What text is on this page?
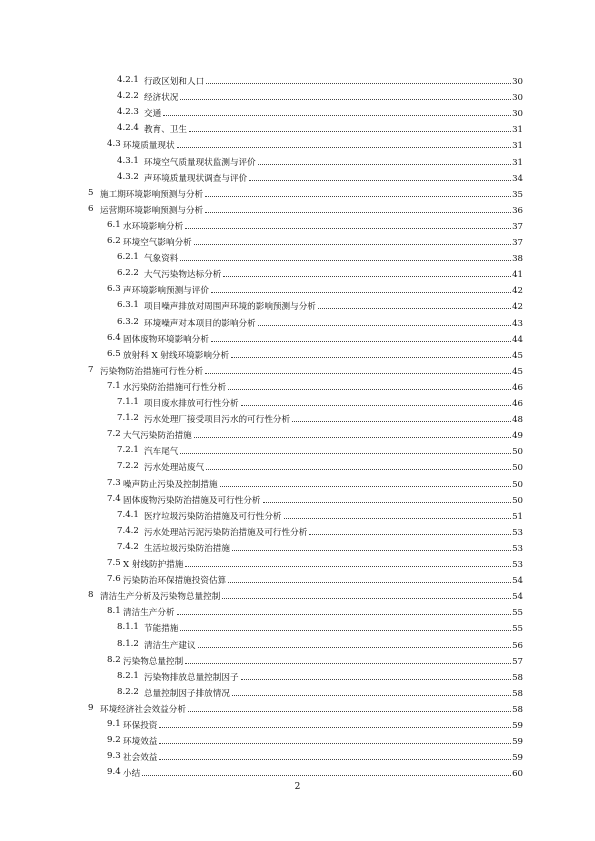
4.2.1 行政区划和人口	30
4.2.2 经济状况	30
4.2.3 交通	30
4.2.4 教育、卫生	31
4.3 环境质量现状	31
4.3.1 环境空气质量现状监测与评价	31
4.3.2 声环境质量现状调查与评价	34
5 施工期环境影响预测与分析	35
6 运营期环境影响预测与分析	36
6.1 水环境影响分析	37
6.2 环境空气影响分析	37
6.2.1 气象资料	38
6.2.2 大气污染物达标分析	41
6.3 声环境影响预测与评价	42
6.3.1 项目噪声排放对周围声环境的影响预测与分析	42
6.3.2 环境噪声对本项目的影响分析	43
6.4 固体废物环境影响分析	44
6.5 放射科 X 射线环境影响分析	45
7 污染物防治措施可行性分析	45
7.1 水污染防治措施可行性分析	46
7.1.1 项目废水排放可行性分析	46
7.1.2 污水处理厂接受项目污水的可行性分析	48
7.2 大气污染防治措施	49
7.2.1 汽车尾气	50
7.2.2 污水处理站废气	50
7.3 噪声防止污染及控制措施	50
7.4 固体废物污染防治措施及可行性分析	50
7.4.1 医疗垃圾污染防治措施及可行性分析	51
7.4.2 污水处理站污泥污染防治措施及可行性分析	53
7.4.2 生活垃圾污染防治措施	53
7.5 X 射线防护措施	53
7.6 污染防治环保措施投资估算	54
8 清洁生产分析及污染物总量控制	54
8.1 清洁生产分析	55
8.1.1 节能措施	55
8.1.2 清洁生产建议	56
8.2 污染物总量控制	57
8.2.1 污染物排放总量控制因子	58
8.2.2 总量控制因子排放情况	58
9 环境经济社会效益分析	58
9.1 环保投资	59
9.2 环境效益	59
9.3 社会效益	59
9.4 小结	60
2
